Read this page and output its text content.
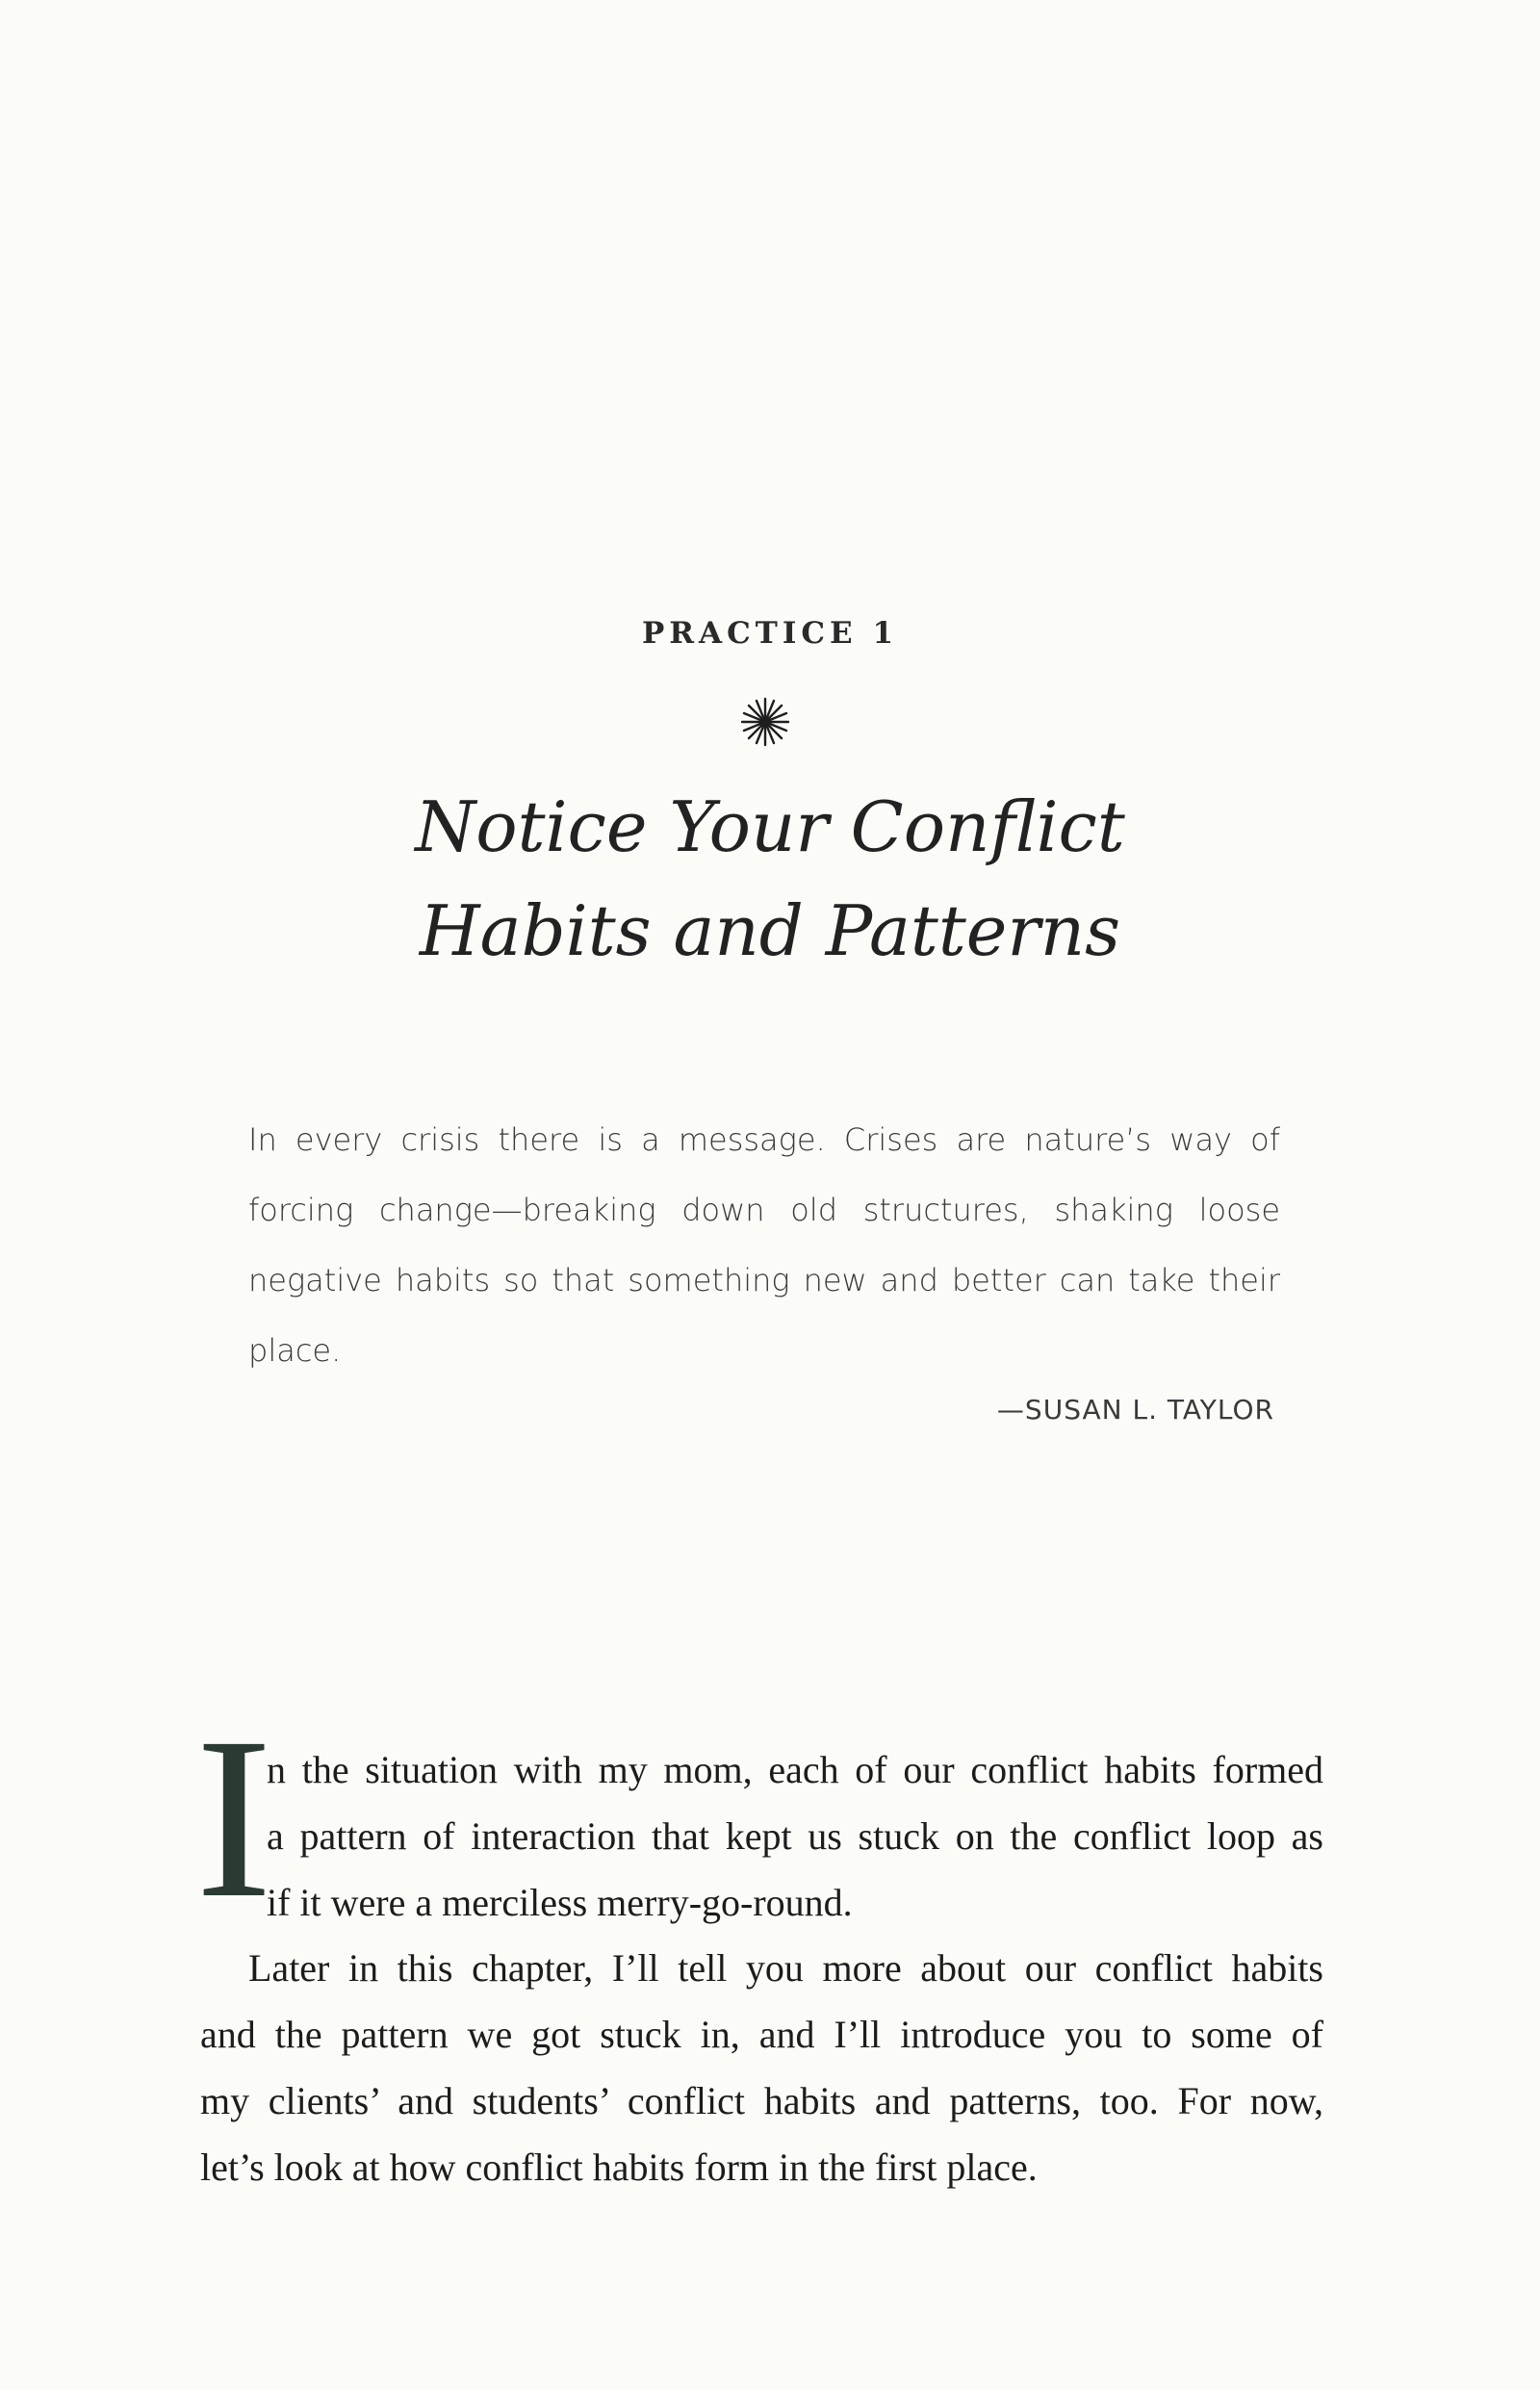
PRACTICE 1
Notice Your Conflict
Habits and Patterns
In every crisis there is a message. Crises are nature’s way of forcing change—breaking down old structures, shaking loose negative habits so that something new and better can take their place.
—SUSAN L. TAYLOR
I
n the situation with my mom, each of our conflict habits formed
a pattern of interaction that kept us stuck on the conflict loop as
if it were a merciless merry-go-round.
Later in this chapter, I’ll tell you more about our conflict habits
and the pattern we got stuck in, and I’ll introduce you to some of
my clients’ and students’ conflict habits and patterns, too. For now,
let’s look at how conflict habits form in the first place.
